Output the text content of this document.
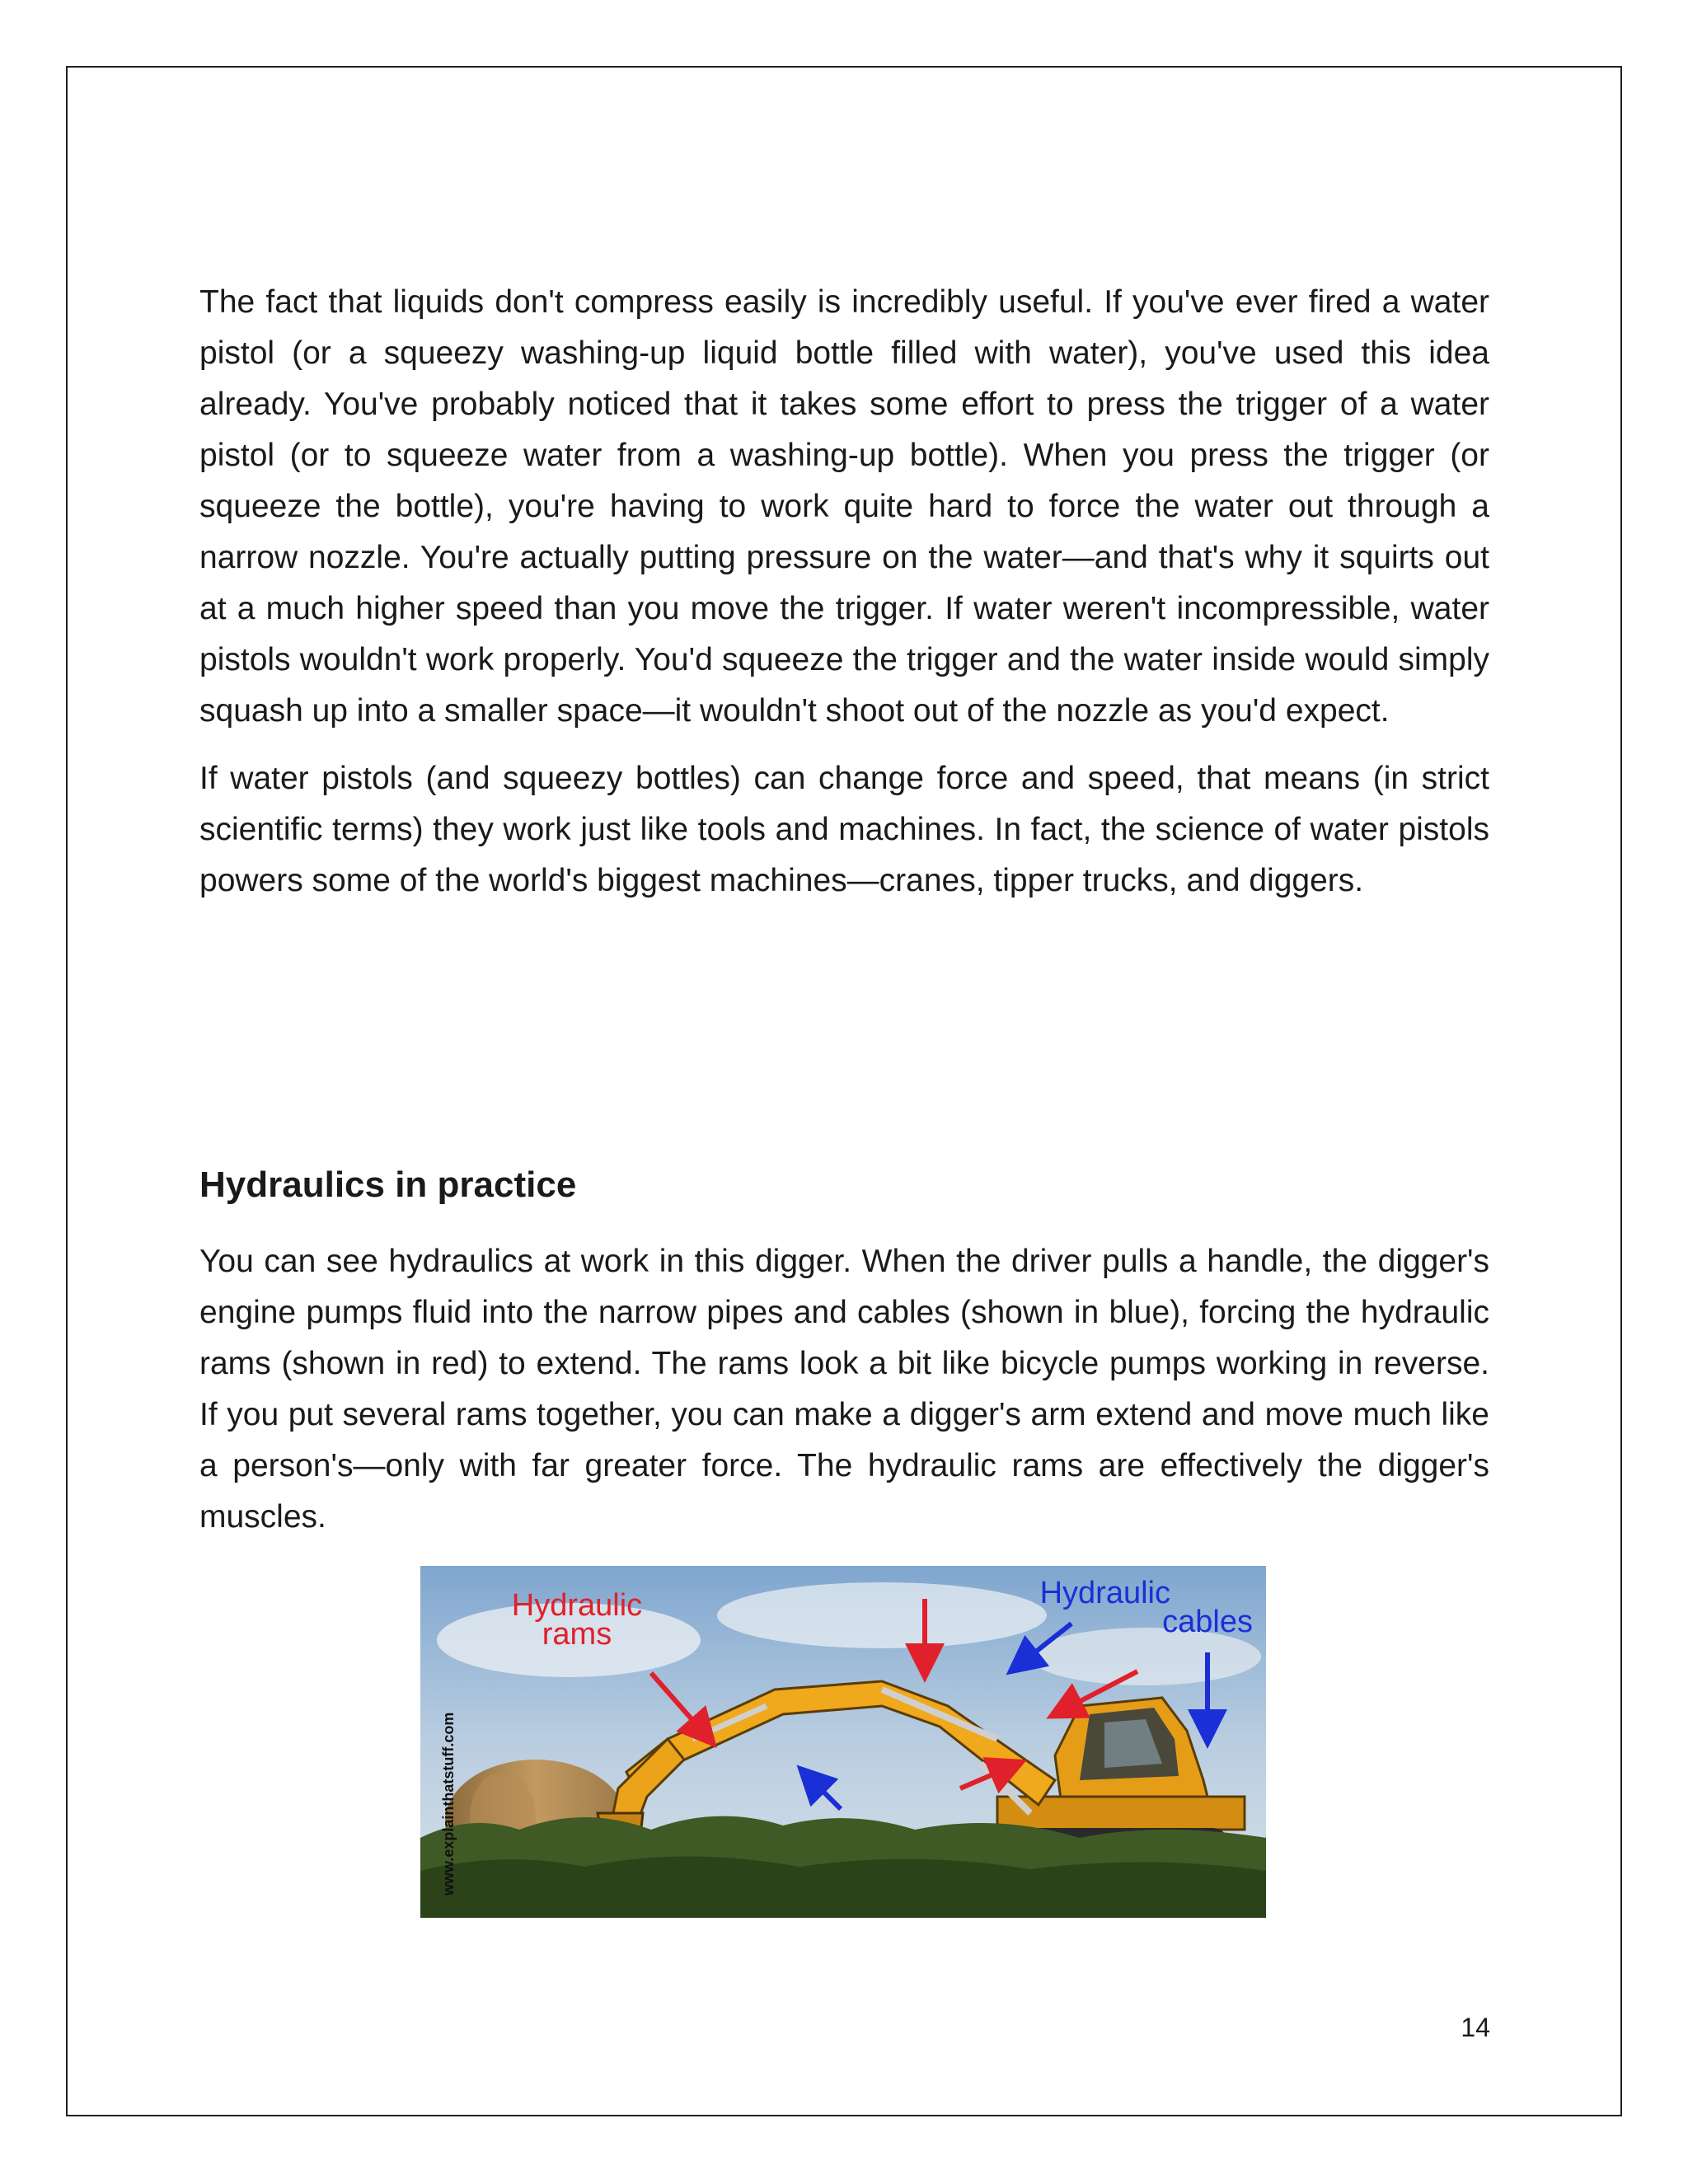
The fact that liquids don't compress easily is incredibly useful. If you've ever fired a water pistol (or a squeezy washing-up liquid bottle filled with water), you've used this idea already. You've probably noticed that it takes some effort to press the trigger of a water pistol (or to squeeze water from a washing-up bottle). When you press the trigger (or squeeze the bottle), you're having to work quite hard to force the water out through a narrow nozzle. You're actually putting pressure on the water—and that's why it squirts out at a much higher speed than you move the trigger. If water weren't incompressible, water pistols wouldn't work properly. You'd squeeze the trigger and the water inside would simply squash up into a smaller space—it wouldn't shoot out of the nozzle as you'd expect.

If water pistols (and squeezy bottles) can change force and speed, that means (in strict scientific terms) they work just like tools and machines. In fact, the science of water pistols powers some of the world's biggest machines—cranes, tipper trucks, and diggers.

Hydraulics in practice

You can see hydraulics at work in this digger. When the driver pulls a handle, the digger's engine pumps fluid into the narrow pipes and cables (shown in blue), forcing the hydraulic rams (shown in red) to extend. The rams look a bit like bicycle pumps working in reverse. If you put several rams together, you can make a digger's arm extend and move much like a person's—only with far greater force. The hydraulic rams are effectively the digger's muscles.

Hydraulic
rams
Hydraulic
cables
www.explainthatstuff.com
14
